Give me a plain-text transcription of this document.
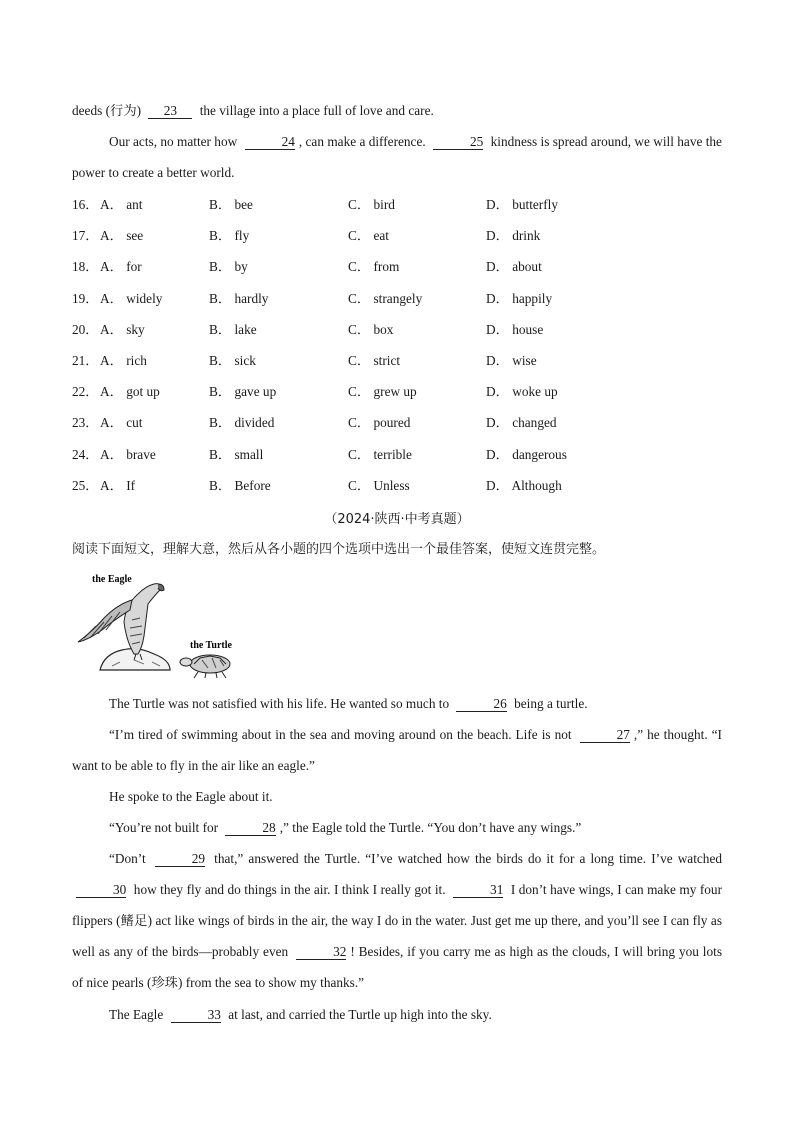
deeds (行为) 23 the village into a place full of love and care.
Our acts, no matter how	24 , can make a difference.	25 kindness is spread around, we will have the power to create a better world.
16． A． ant	B． bee	C． bird	D． butterfly
17． A． see	B． fly	C． eat	D． drink
18． A． for	B． by	C． from	D． about
19． A． widely	B． hardly	C． strangely	D． happily
20． A． sky	B． lake	C． box	D． house
21． A． rich	B． sick	C． strict	D． wise
22． A． got up	B． gave up	C． grew up	D． woke up
23． A． cut	B． divided	C． poured	D． changed
24． A． brave	B． small	C． terrible	D． dangerous
25． A． If	B． Before	C． Unless	D． Although
（2024·陕西·中考真题）
阅读下面短文，理解大意，然后从各小题的四个选项中选出一个最佳答案，使短文连贯完整。
the Eagle
the Turtle
The Turtle was not satisfied with his life. He wanted so much to	26 being a turtle.
“I’m tired of swimming about in the sea and moving around on the beach. Life is not	27 ,” he thought. “I want to be able to fly in the air like an eagle.”
He spoke to the Eagle about it.
“You’re not built for	28 ,” the Eagle told the Turtle. “You don’t have any wings.”
“Don’t	29 that,” answered the Turtle. “I’ve watched how the birds do it for a long time. I’ve watched 30 how they fly and do things in the air. I think I really got it.	31 I don’t have wings, I can make my four flippers (鳍足) act like wings of birds in the air, the way I do in the water. Just get me up there, and you’ll see I can fly as well as any of the birds—probably even	32 ! Besides, if you carry me as high as the clouds, I will bring you lots of nice pearls (珍珠) from the sea to show my thanks.”
The Eagle	33 at last, and carried the Turtle up high into the sky.
